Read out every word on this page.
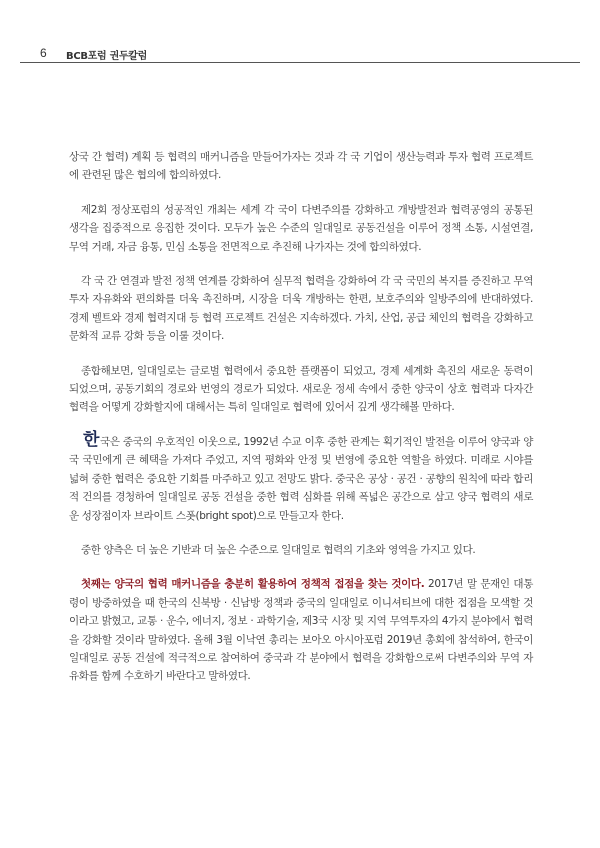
6 BCB포럼 권두칼럼

상국 간 협력) 계획 등 협력의 매커니즘을 만들어가자는 것과 각 국 기업이 생산능력과 투자 협력 프로젝트에 관련된 많은 협의에 합의하였다.

제2회 정상포럼의 성공적인 개최는 세계 각 국이 다변주의를 강화하고 개방발전과 협력공영의 공통된 생각을 집중적으로 응집한 것이다. 모두가 높은 수준의 일대일로 공동건설을 이루어 정책 소통, 시설연결, 무역 거래, 자금 융통, 민심 소통을 전면적으로 추진해 나가자는 것에 합의하였다.

각 국 간 연결과 발전 정책 연계를 강화하여 실무적 협력을 강화하여 각 국 국민의 복지를 증진하고 무역투자 자유화와 편의화를 더욱 촉진하며, 시장을 더욱 개방하는 한편, 보호주의와 일방주의에 반대하였다. 경제 벨트와 경제 협력지대 등 협력 프로젝트 건설은 지속하겠다. 가치, 산업, 공급 체인의 협력을 강화하고 문화적 교류 강화 등을 이룰 것이다.

종합해보면, 일대일로는 글로벌 협력에서 중요한 플랫폼이 되었고, 경제 세계화 촉진의 새로운 동력이 되었으며, 공동기회의 경로와 번영의 경로가 되었다. 새로운 정세 속에서 중한 양국이 상호 협력과 다자간 협력을 어떻게 강화할지에 대해서는 특히 일대일로 협력에 있어서 깊게 생각해볼 만하다.

한국은 중국의 우호적인 이웃으로, 1992년 수교 이후 중한 관계는 획기적인 발전을 이루어 양국과 양국 국민에게 큰 혜택을 가져다 주었고, 지역 평화와 안정 및 번영에 중요한 역할을 하였다. 미래로 시야를 넓혀 중한 협력은 중요한 기회를 마주하고 있고 전망도 밝다. 중국은 공상 · 공건 · 공향의 원칙에 따라 합리적 건의를 경청하여 일대일로 공동 건설을 중한 협력 심화를 위해 폭넓은 공간으로 삼고 양국 협력의 새로운 성장점이자 브라이트 스폿(bright spot)으로 만들고자 한다.

중한 양측은 더 높은 기반과 더 높은 수준으로 일대일로 협력의 기초와 영역을 가지고 있다.

첫째는 양국의 협력 매커니즘을 충분히 활용하여 정책적 접점을 찾는 것이다. 2017년 말 문재인 대통령이 방중하였을 때 한국의 신북방 · 신남방 정책과 중국의 일대일로 이니셔티브에 대한 접점을 모색할 것이라고 밝혔고, 교통 · 운수, 에너지, 정보 · 과학기술, 제3국 시장 및 지역 무역투자의 4가지 분야에서 협력을 강화할 것이라 말하였다. 올해 3월 이낙연 총리는 보아오 아시아포럼 2019년 총회에 참석하여, 한국이 일대일로 공동 건설에 적극적으로 참여하여 중국과 각 분야에서 협력을 강화함으로써 다변주의와 무역 자유화를 함께 수호하기 바란다고 말하였다.
